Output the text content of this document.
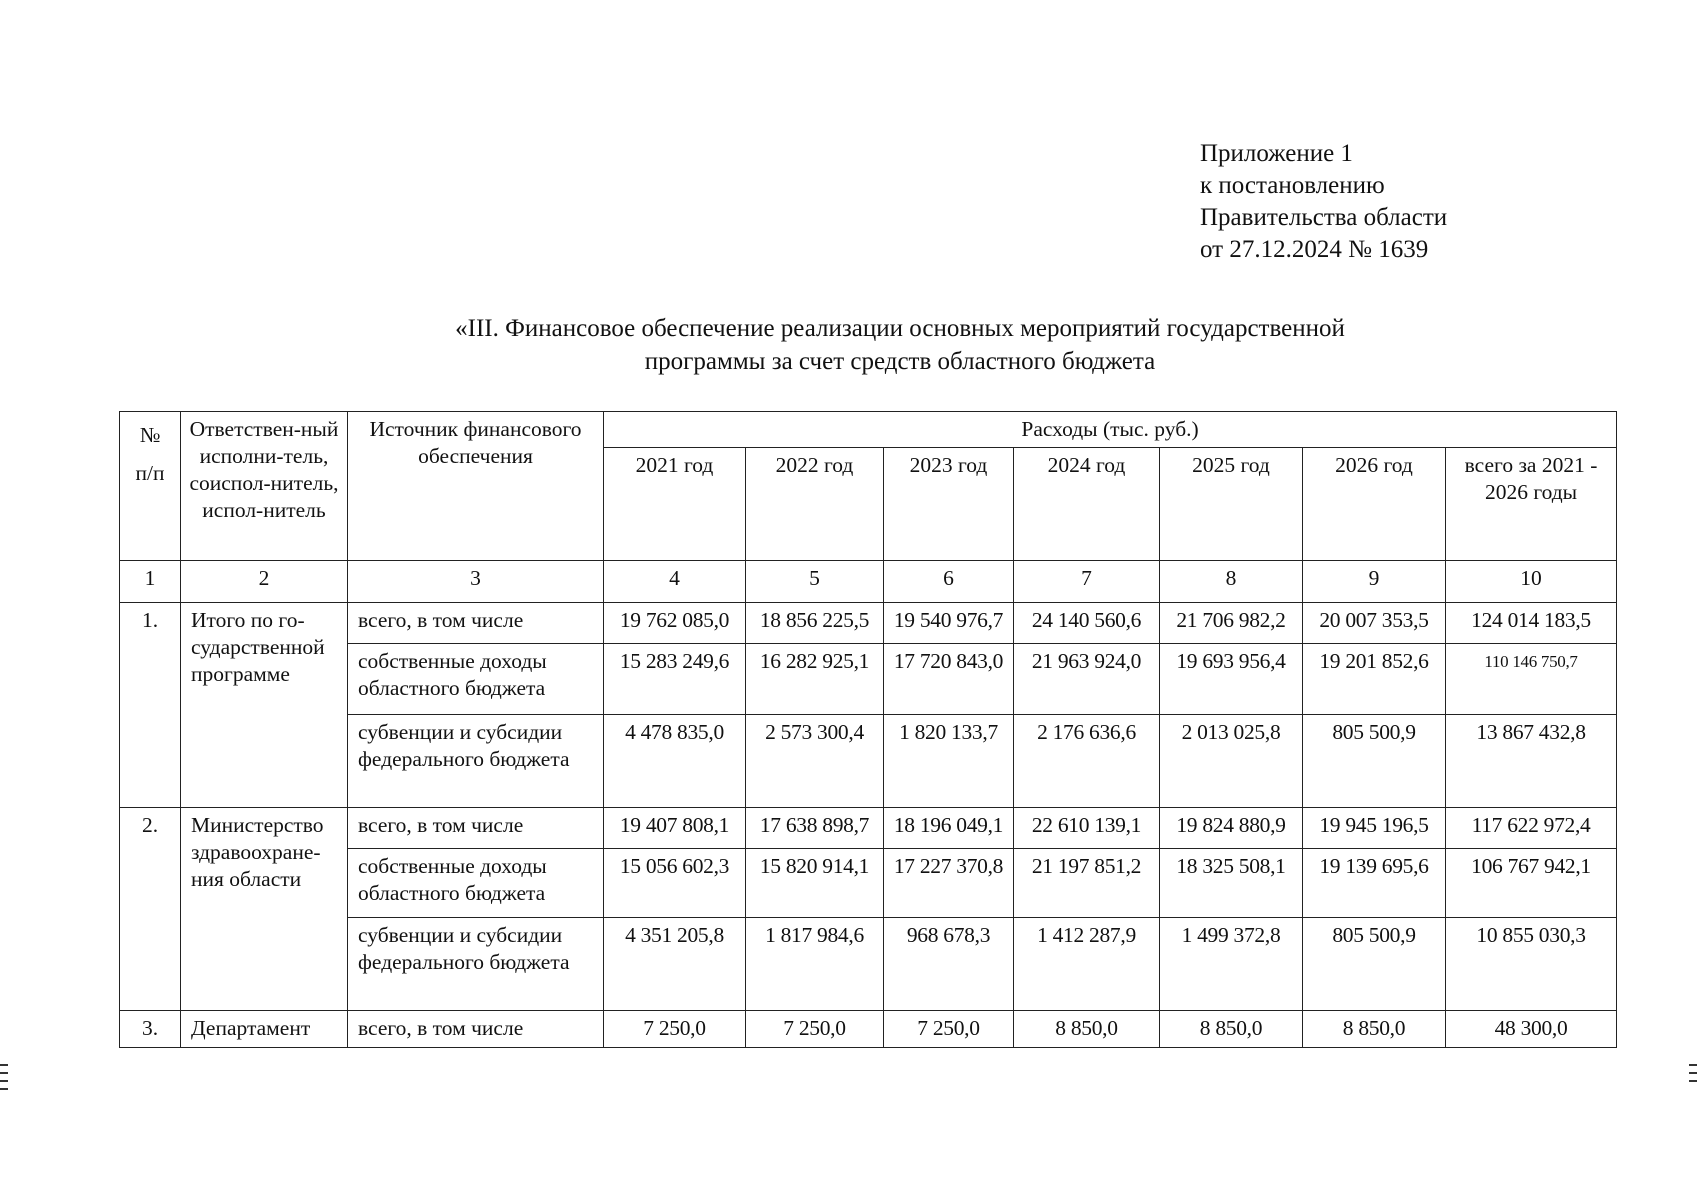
Приложение 1
к постановлению
Правительства области
от 27.12.2024 № 1639
«III. Финансовое обеспечение реализации основных мероприятий государственной
программы за счет средств областного бюджета
№ п/п	Ответствен-ный исполни-тель, соиспол-нитель, испол-нитель	Источник финансового обеспечения	Расходы (тыс. руб.)						
			2021 год	2022 год	2023 год	2024 год	2025 год	2026 год	всего за 2021 - 2026 годы
1	2	3	4	5	6	7	8	9	10
1.	Итого по го-сударственной программе	всего, в том числе	19 762 085,0	18 856 225,5	19 540 976,7	24 140 560,6	21 706 982,2	20 007 353,5	124 014 183,5
		собственные доходы областного бюджета	15 283 249,6	16 282 925,1	17 720 843,0	21 963 924,0	19 693 956,4	19 201 852,6	110 146 750,7
		субвенции и субсидии федерального бюджета	4 478 835,0	2 573 300,4	1 820 133,7	2 176 636,6	2 013 025,8	805 500,9	13 867 432,8
2.	Министерство здравоохране-ния области	всего, в том числе	19 407 808,1	17 638 898,7	18 196 049,1	22 610 139,1	19 824 880,9	19 945 196,5	117 622 972,4
		собственные доходы областного бюджета	15 056 602,3	15 820 914,1	17 227 370,8	21 197 851,2	18 325 508,1	19 139 695,6	106 767 942,1
		субвенции и субсидии федерального бюджета	4 351 205,8	1 817 984,6	968 678,3	1 412 287,9	1 499 372,8	805 500,9	10 855 030,3
3.	Департамент	всего, в том числе	7 250,0	7 250,0	7 250,0	8 850,0	8 850,0	8 850,0	48 300,0
